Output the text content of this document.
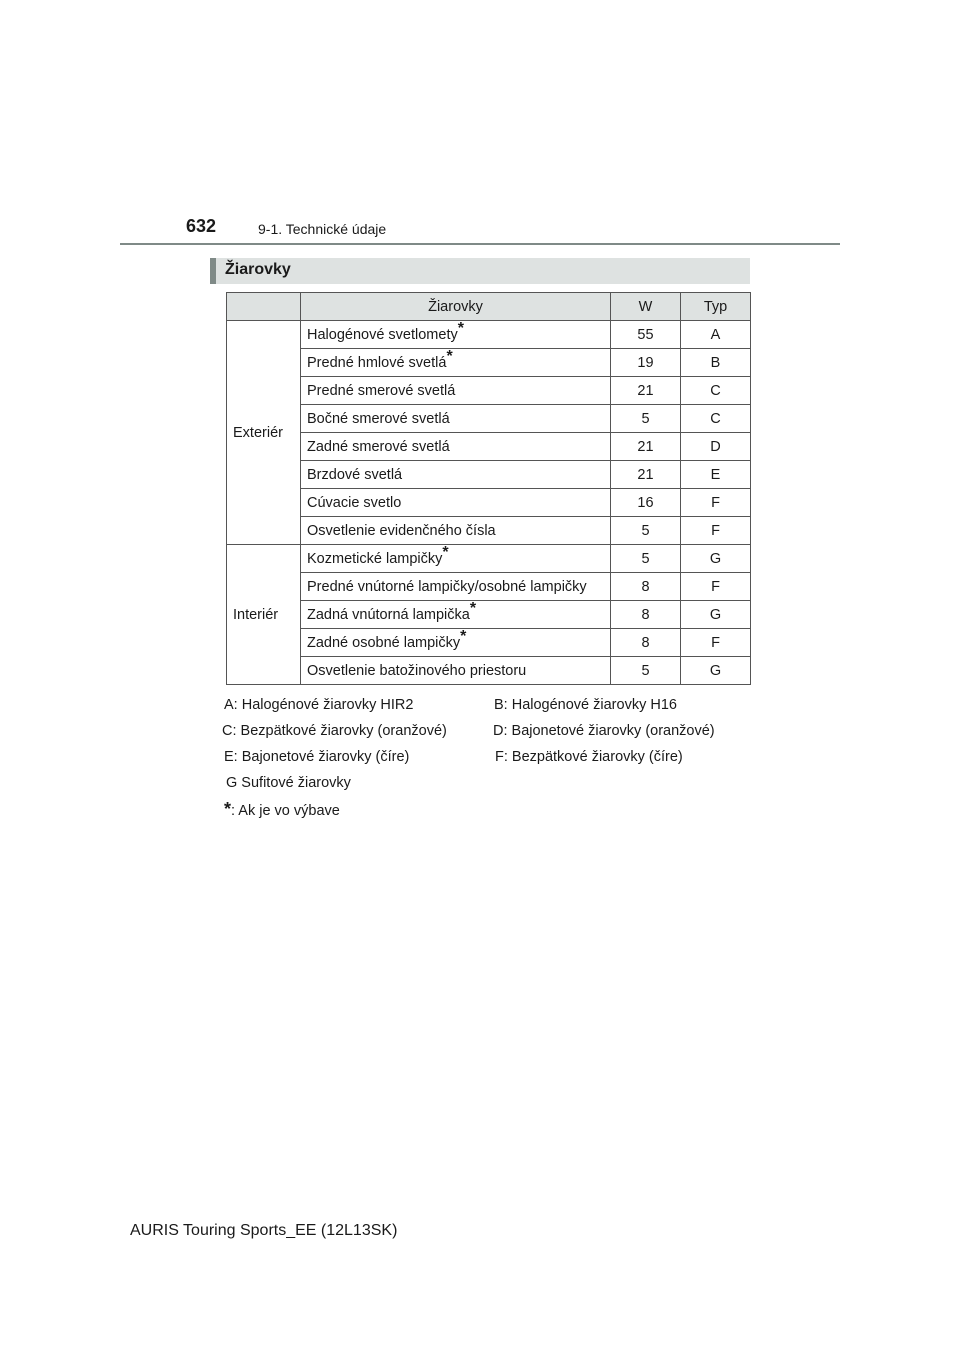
632	9-1. Technické údaje
Žiarovky
	Žiarovky	W	Typ
Exteriér	Halogénové svetlomety*	55	A
	Predné hmlové svetlá*	19	B
	Predné smerové svetlá	21	C
	Bočné smerové svetlá	5	C
	Zadné smerové svetlá	21	D
	Brzdové svetlá	21	E
	Cúvacie svetlo	16	F
	Osvetlenie evidenčného čísla	5	F
Interiér	Kozmetické lampičky*	5	G
	Predné vnútorné lampičky/osobné lampičky	8	F
	Zadná vnútorná lampička*	8	G
	Zadné osobné lampičky*	8	F
	Osvetlenie batožinového priestoru	5	G
A: Halogénové žiarovky HIR2	B: Halogénové žiarovky H16
C: Bezpätkové žiarovky (oranžové)	D: Bajonetové žiarovky (oranžové)
E: Bajonetové žiarovky (číre)	F: Bezpätkové žiarovky (číre)
G Sufitové žiarovky
*: Ak je vo výbave
AURIS Touring Sports_EE (12L13SK)
